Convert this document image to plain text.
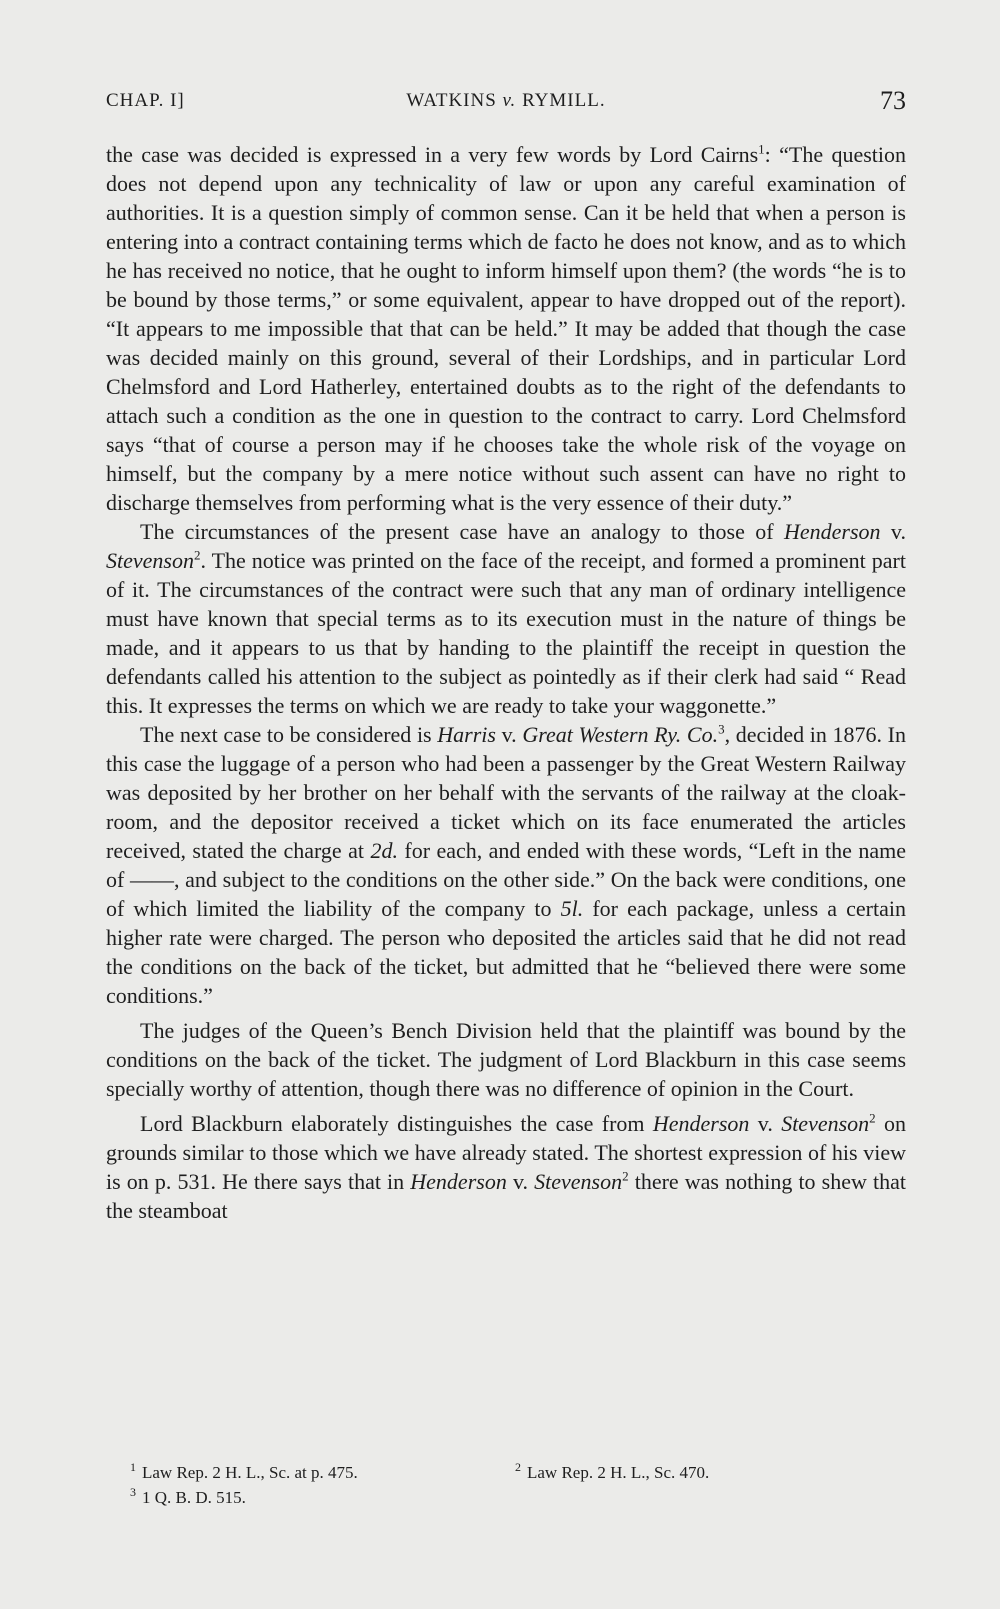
CHAP. I]	WATKINS v. RYMILL.	73

the case was decided is expressed in a very few words by Lord Cairns$^1$: “The question does not depend upon any technicality of law or upon any careful examination of authorities. It is a question simply of common sense. Can it be held that when a person is entering into a contract containing terms which de facto he does not know, and as to which he has received no notice, that he ought to inform himself upon them? (the words “he is to be bound by those terms,” or some equivalent, appear to have dropped out of the report). “It appears to me impossible that that can be held.” It may be added that though the case was decided mainly on this ground, several of their Lordships, and in particular Lord Chelmsford and Lord Hatherley, entertained doubts as to the right of the defendants to attach such a condition as the one in question to the contract to carry. Lord Chelmsford says “that of course a person may if he chooses take the whole risk of the voyage on himself, but the company by a mere notice without such assent can have no right to discharge themselves from performing what is the very essence of their duty.”

The circumstances of the present case have an analogy to those of Henderson v. Stevenson$^2$. The notice was printed on the face of the receipt, and formed a prominent part of it. The circumstances of the contract were such that any man of ordinary intelligence must have known that special terms as to its execution must in the nature of things be made, and it appears to us that by handing to the plaintiff the receipt in question the defendants called his attention to the subject as pointedly as if their clerk had said “ Read this. It expresses the terms on which we are ready to take your waggonette.”

The next case to be considered is Harris v. Great Western Ry. Co.$^3$, decided in 1876. In this case the luggage of a person who had been a passenger by the Great Western Railway was deposited by her brother on her behalf with the servants of the railway at the cloak-room, and the depositor received a ticket which on its face enumerated the articles received, stated the charge at 2d. for each, and ended with these words, “Left in the name of ——, and subject to the conditions on the other side.” On the back were conditions, one of which limited the liability of the company to 5l. for each package, unless a certain higher rate were charged. The person who deposited the articles said that he did not read the conditions on the back of the ticket, but admitted that he “believed there were some conditions.”

The judges of the Queen’s Bench Division held that the plaintiff was bound by the conditions on the back of the ticket. The judgment of Lord Blackburn in this case seems specially worthy of attention, though there was no difference of opinion in the Court.

Lord Blackburn elaborately distinguishes the case from Henderson v. Stevenson$^2$ on grounds similar to those which we have already stated. The shortest expression of his view is on p. 531. He there says that in Henderson v. Stevenson$^2$ there was nothing to shew that the steamboat

$^1$ Law Rep. 2 H. L., Sc. at p. 475.	$^2$ Law Rep. 2 H. L., Sc. 470.
$^3$ 1 Q. B. D. 515.
